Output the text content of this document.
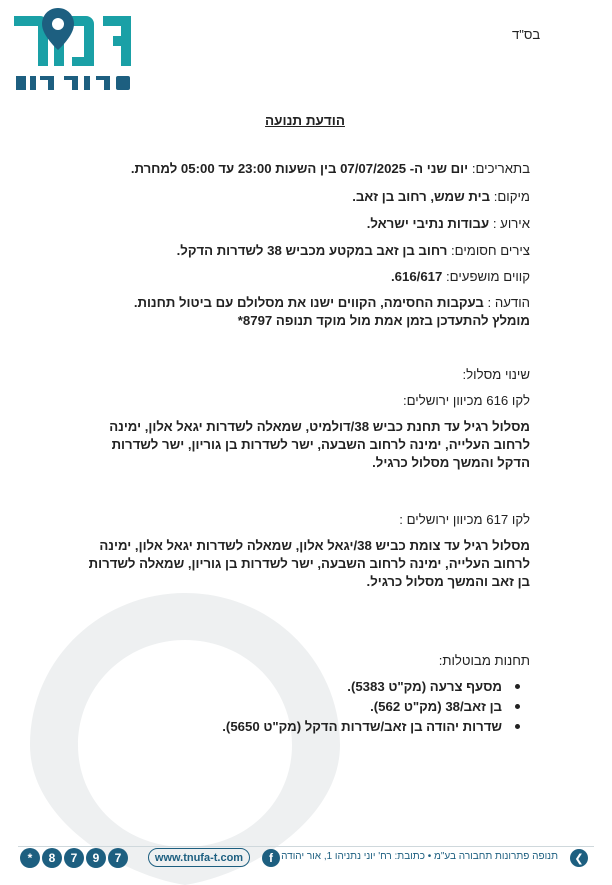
בס"ד
הודעת תנועה
בתאריכים: יום שני ה- 07/07/2025 בין השעות 23:00 עד 05:00 למחרת.
מיקום: בית שמש, רחוב בן זאב.
אירוע : עבודות נתיבי ישראל.
צירים חסומים: רחוב בן זאב במקטע מכביש 38 לשדרות הדקל.
קווים מושפעים: 616/617.
הודעה : בעקבות החסימה, הקווים ישנו את מסלולם עם ביטול תחנות.
מומלץ להתעדכן בזמן אמת מול מוקד תנופה 8797*
שינוי מסלול:
לקו 616 מכיוון ירושלים:
מסלול רגיל עד תחנת כביש 38/דולמיט, שמאלה לשדרות יגאל אלון, ימינה לרחוב העלייה, ימינה לרחוב השבעה, ישר לשדרות בן גוריון, ישר לשדרות הדקל והמשך מסלול כרגיל.
לקו 617 מכיוון ירושלים :
מסלול רגיל עד צומת כביש 38/יגאל אלון, שמאלה לשדרות יגאל אלון, ימינה לרחוב העלייה, ימינה לרחוב השבעה, ישר לשדרות בן גוריון, שמאלה לשדרות בן זאב והמשך מסלול כרגיל.
תחנות מבוטלות:
מסעף צרעה (מק"ט 5383).
בן זאב/38 (מק"ט 562).
שדרות יהודה בן זאב/שדרות הדקל (מק"ט 5650).
*	8	7	9	7	www.tnufa-t.com	f תנופה פתרונות תחבורה בע"מ • כתובת: רח' יוני נתניהו 1, אור יהודה	❮
